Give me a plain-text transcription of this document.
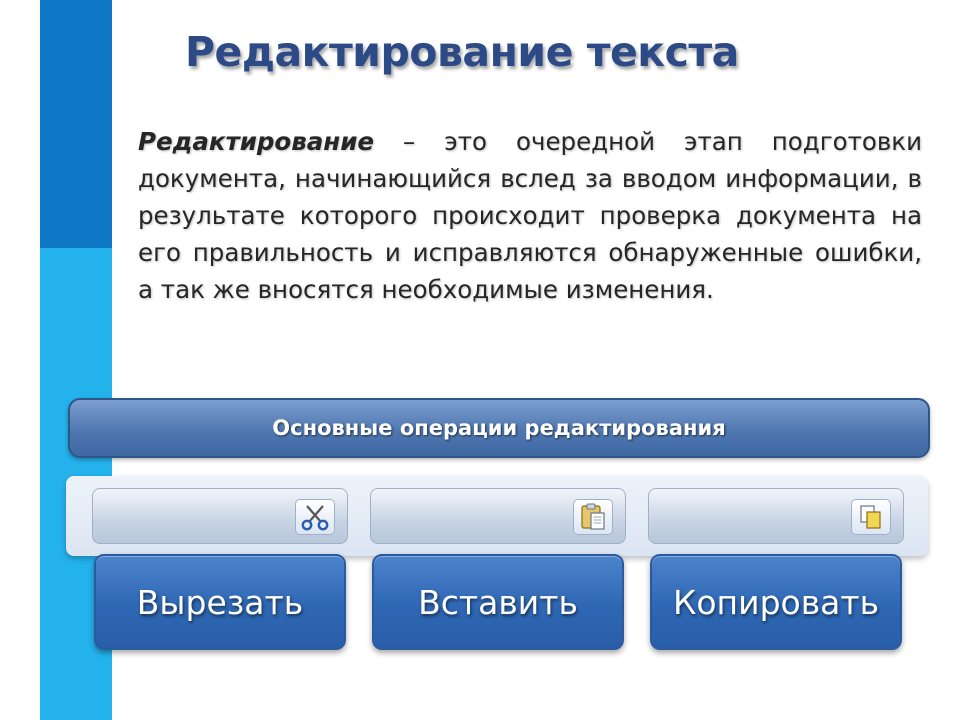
Редактирование текста
Редактирование – это очередной этап подготовки документа, начинающийся вслед за вводом информации, в результате которого происходит проверка документа на его правильность и исправляются обнаруженные ошибки, а так же вносятся необходимые изменения.
Основные операции редактирования
Вырезать	Вставить	Копировать
